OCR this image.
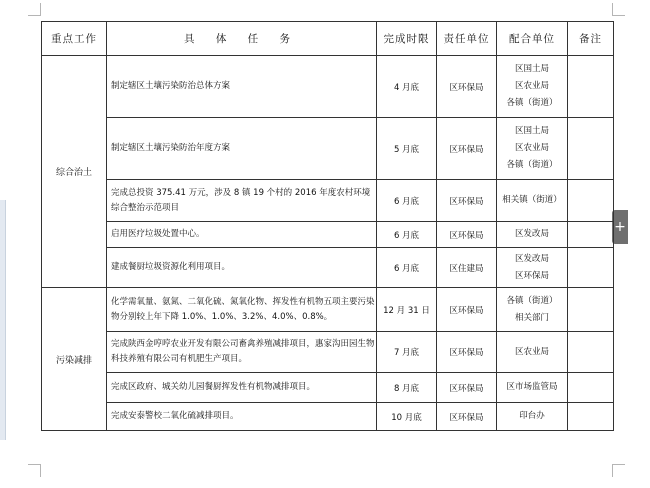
+
重点工作	具 体 任 务	完成时限	责任单位	配合单位	备注
综合治土	制定辖区土壤污染防治总体方案	4 月底	区环保局	区国土局
区农业局
各镇（街道）	

	制定辖区土壤污染防治年度方案	5 月底	区环保局	区国土局
区农业局
各镇（街道）	

	完成总投资 375.41 万元，涉及 8 镇 19 个村的 2016 年度农村环境综合整治示范项目	6 月底	区环保局	相关镇（街道）	

	启用医疗垃圾处置中心。	6 月底	区环保局	区发改局	

	建成餐厨垃圾资源化利用项目。	6 月底	区住建局	区发改局
区环保局	

污染减排	化学需氧量、氨氮、二氧化硫、氮氧化物、挥发性有机物五项主要污染物分别较上年下降 1.0%、1.0%、3.2%、4.0%、0.8%。	12 月 31 日	区环保局	各镇（街道）
相关部门	

	完成陕西金哼哼农业开发有限公司畜禽养殖减排项目，惠家沟田园生物科技养殖有限公司有机肥生产项目。	7 月底	区环保局	区农业局	

	完成区政府、城关幼儿园餐厨挥发性有机物减排项目。	8 月底	区环保局	区市场监管局	

	完成安泰警校二氧化硫减排项目。	10 月底	区环保局	印台办	
